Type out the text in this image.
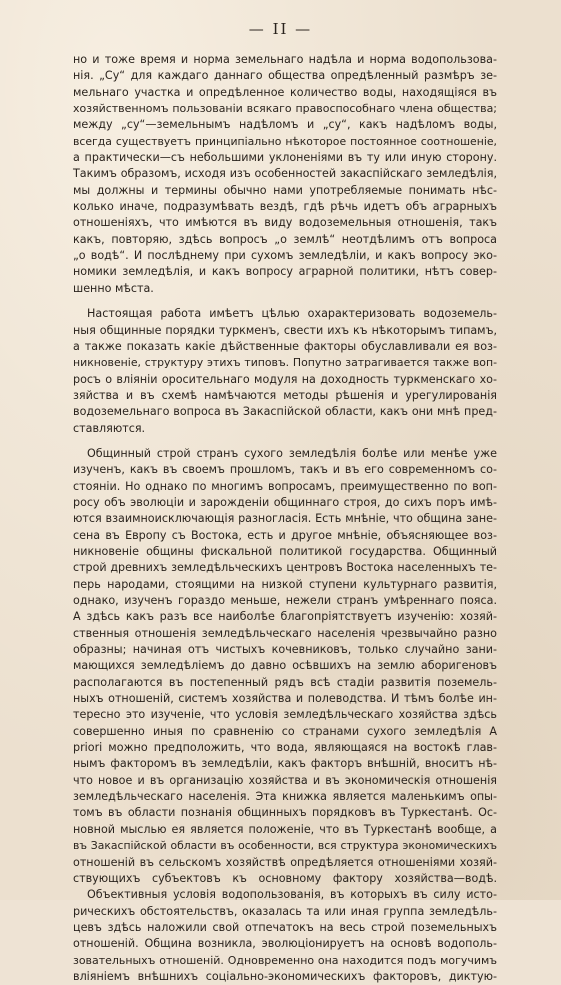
— II —
но и тоже время и норма земельнаго надѣла и норма водопользова-
нія. „Су“ для каждаго даннаго общества опредѣленный размѣръ зе-
мельнаго участка и опредѣленное количество воды, находящіяся въ
хозяйственномъ пользованіи всякаго правоспособнаго члена общества;
между „су“—земельнымъ надѣломъ и „су“, какъ надѣломъ воды,
всегда существуетъ принципіально нѣкоторое постоянное соотношеніе,
а практически—съ небольшими уклоненіями въ ту или иную сторону.
Такимъ образомъ, исходя изъ особенностей закаспійскаго земледѣлія,
мы должны и термины обычно нами употребляемые понимать нѣс-
колько иначе, подразумѣвать вездѣ, гдѣ рѣчь идетъ объ аграрныхъ
отношеніяхъ, что имѣются въ виду водоземельныя отношенія, такъ
какъ, повторяю, здѣсь вопросъ „о землѣ“ неотдѣлимъ отъ вопроса
„о водѣ“. И послѣднему при сухомъ земледѣліи, и какъ вопросу эко-
номики земледѣлія, и какъ вопросу аграрной политики, нѣтъ совер-
шенно мѣста.
Настоящая работа имѣетъ цѣлью охарактеризовать водоземель-
ныя общинные порядки туркменъ, свести ихъ къ нѣкоторымъ типамъ,
а также показать какіе дѣйственные факторы обуславливали ея воз-
никновеніе, структуру этихъ типовъ. Попутно затрагивается также воп-
росъ о вліяніи оросительнаго модуля на доходность туркменскаго хо-
зяйства и въ схемѣ намѣчаются методы рѣшенія и урегулированія
водоземельнаго вопроса въ Закаспійской области, какъ они мнѣ пред-
ставляются.
Общинный строй странъ сухого земледѣлія болѣе или менѣе уже
изученъ, какъ въ своемъ прошломъ, такъ и въ его современномъ со-
стояніи. Но однако по многимъ вопросамъ, преимущественно по воп-
росу объ эволюціи и зарожденіи общиннаго строя, до сихъ поръ имѣ-
ются взаимноисключающія разногласія. Есть мнѣніе, что община зане-
сена въ Европу съ Востока, есть и другое мнѣніе, объясняющее воз-
никновеніе общины фискальной политикой государства. Общинный
строй древнихъ земледѣльческихъ центровъ Востока населенныхъ те-
перь народами, стоящими на низкой ступени культурнаго развитія,
однако, изученъ гораздо меньше, нежели странъ умѣреннаго пояса.
А здѣсь какъ разъ все наиболѣе благопріятствуетъ изученію: хозяй-
ственныя отношенія земледѣльческаго населенія чрезвычайно разно
образны; начиная отъ чистыхъ кочевниковъ, только случайно зани-
мающихся земледѣліемъ до давно осѣвшихъ на землю аборигеновъ
располагаются въ постепенный рядъ всѣ стадіи развитія поземель-
ныхъ отношеній, системъ хозяйства и полеводства. И тѣмъ болѣе ин-
тересно это изученіе, что условія земледѣльческаго хозяйства здѣсь
совершенно иныя по сравненію со странами сухого земледѣлія А
priori можно предположить, что вода, являющаяся на востокѣ глав-
нымъ факторомъ въ земледѣліи, какъ факторъ внѣшній, вноситъ нѣ-
что новое и въ организацію хозяйства и въ экономическія отношенія
земледѣльческаго населенія. Эта книжка является маленькимъ опы-
томъ въ области познанія общинныхъ порядковъ въ Туркестанѣ. Ос-
новной мыслью ея является положеніе, что въ Туркестанѣ вообще, а
въ Закаспійской области въ особенности, вся структура экономическихъ
отношеній въ сельскомъ хозяйствѣ опредѣляется отношеніями хозяй-
ствующихъ субъектовъ къ основному фактору хозяйства—водѣ.
Объективныя условія водопользованія, въ которыхъ въ силу исто-
рическихъ обстоятельствъ, оказалась та или иная группа земледѣль-
цевъ здѣсь наложили свой отпечатокъ на весь строй поземельныхъ
отношеній. Община возникла, эволюціонируетъ на основѣ водополь-
зовательныхъ отношеній. Одновременно она находится подъ могучимъ
вліяніемъ внѣшнихъ соціально-экономическихъ факторовъ, диктую-
